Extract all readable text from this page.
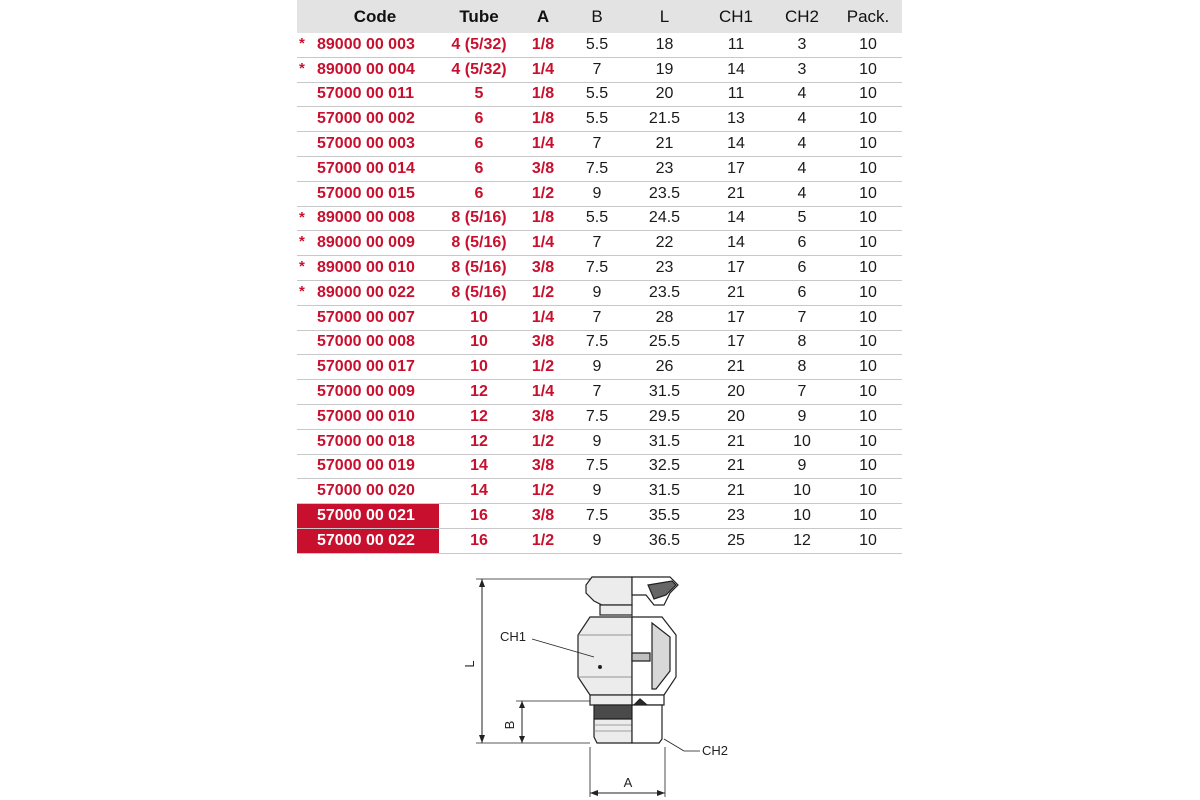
Code	Tube	A	B	L	CH1	CH2	Pack.

* 89000 00 003	4 (5/32)	1/8	5.5	18	11	3	10

* 89000 00 004	4 (5/32)	1/4	7	19	14	3	10
57000 00 011	5	1/8	5.5	20	11	4	10
57000 00 002	6	1/8	5.5	21.5	13	4	10
57000 00 003	6	1/4	7	21	14	4	10
57000 00 014	6	3/8	7.5	23	17	4	10
57000 00 015	6	1/2	9	23.5	21	4	10

* 89000 00 008	8 (5/16)	1/8	5.5	24.5	14	5	10

* 89000 00 009	8 (5/16)	1/4	7	22	14	6	10

* 89000 00 010	8 (5/16)	3/8	7.5	23	17	6	10

* 89000 00 022	8 (5/16)	1/2	9	23.5	21	6	10
57000 00 007	10	1/4	7	28	17	7	10
57000 00 008	10	3/8	7.5	25.5	17	8	10
57000 00 017	10	1/2	9	26	21	8	10
57000 00 009	12	1/4	7	31.5	20	7	10
57000 00 010	12	3/8	7.5	29.5	20	9	10
57000 00 018	12	1/2	9	31.5	21	10	10
57000 00 019	14	3/8	7.5	32.5	21	9	10
57000 00 020	14	1/2	9	31.5	21	10	10
57000 00 021	16	3/8	7.5	35.5	23	10	10
57000 00 022	16	1/2	9	36.5	25	12	10
L
B
A
CH1
CH2
